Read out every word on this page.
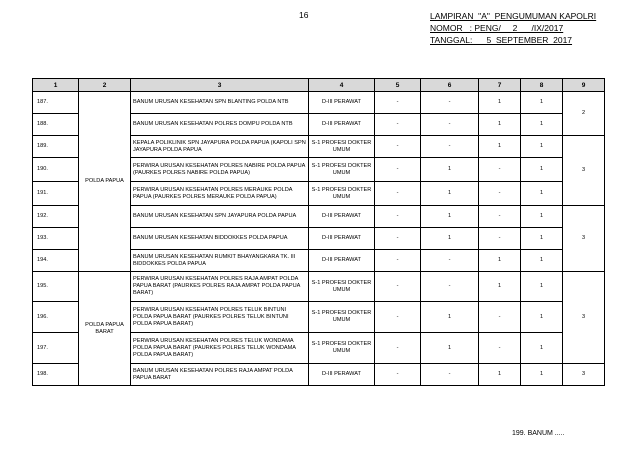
16	LAMPIRAN  "A"  PENGUMUMAN KAPOLRI
NOMOR   : PENG/     2      /IX/2017
TANGGAL:      5  SEPTEMBER  2017
1	2	3	4	5	6	7	8	9
187.	POLDA PAPUA	BANUM URUSAN KESEHATAN SPN BLANTING POLDA NTB	D-III PERAWAT	-	-	1	1	2
188.		BANUM URUSAN KESEHATAN POLRES DOMPU POLDA NTB	D-III PERAWAT	-	-	1	1	
189.		KEPALA POLIKLINIK SPN JAYAPURA POLDA PAPUA (KAPOLI SPN JAYAPURA POLDA PAPUA	S-1 PROFESI DOKTER UMUM	-	-	1	1	3
190.		PERWIRA URUSAN KESEHATAN POLRES NABIRE POLDA PAPUA (PAURKES POLRES NABIRE POLDA PAPUA)	S-1 PROFESI DOKTER UMUM	-	1	-	1	
191.		PERWIRA URUSAN KESEHATAN POLRES MERAUKE POLDA PAPUA (PAURKES POLRES MERAUKE POLDA PAPUA)	S-1 PROFESI DOKTER UMUM	-	1	-	1	
192.		BANUM URUSAN KESEHATAN SPN JAYAPURA POLDA PAPUA	D-III PERAWAT	-	1	-	1	3
193.		BANUM URUSAN KESEHATAN BIDDOKKES POLDA PAPUA	D-III PERAWAT	-	1	-	1	
194.		BANUM URUSAN KESEHATAN RUMKIT BHAYANGKARA TK. III BIDDOKKES POLDA PAPUA	D-III PERAWAT	-	-	1	1	
195.	POLDA PAPUA
BARAT	PERWIRA URUSAN KESEHATAN POLRES RAJA AMPAT POLDA PAPUA BARAT (PAURKES POLRES RAJA AMPAT POLDA PAPUA BARAT)	S-1 PROFESI DOKTER UMUM	-	-	1	1	3
196.		PERWIRA URUSAN KESEHATAN POLRES TELUK BINTUNI POLDA PAPUA BARAT (PAURKES POLRES TELUK BINTUNI POLDA PAPUA BARAT)	S-1 PROFESI DOKTER UMUM	-	1	-	1	
197.		PERWIRA URUSAN KESEHATAN POLRES TELUK WONDAMA POLDA PAPUA BARAT (PAURKES POLRES TELUK WONDAMA POLDA PAPUA BARAT)	S-1 PROFESI DOKTER UMUM	-	1	-	1	
198.		BANUM URUSAN KESEHATAN POLRES RAJA AMPAT POLDA PAPUA BARAT	D-III PERAWAT	-	-	1	1	3
199. BANUM .....
